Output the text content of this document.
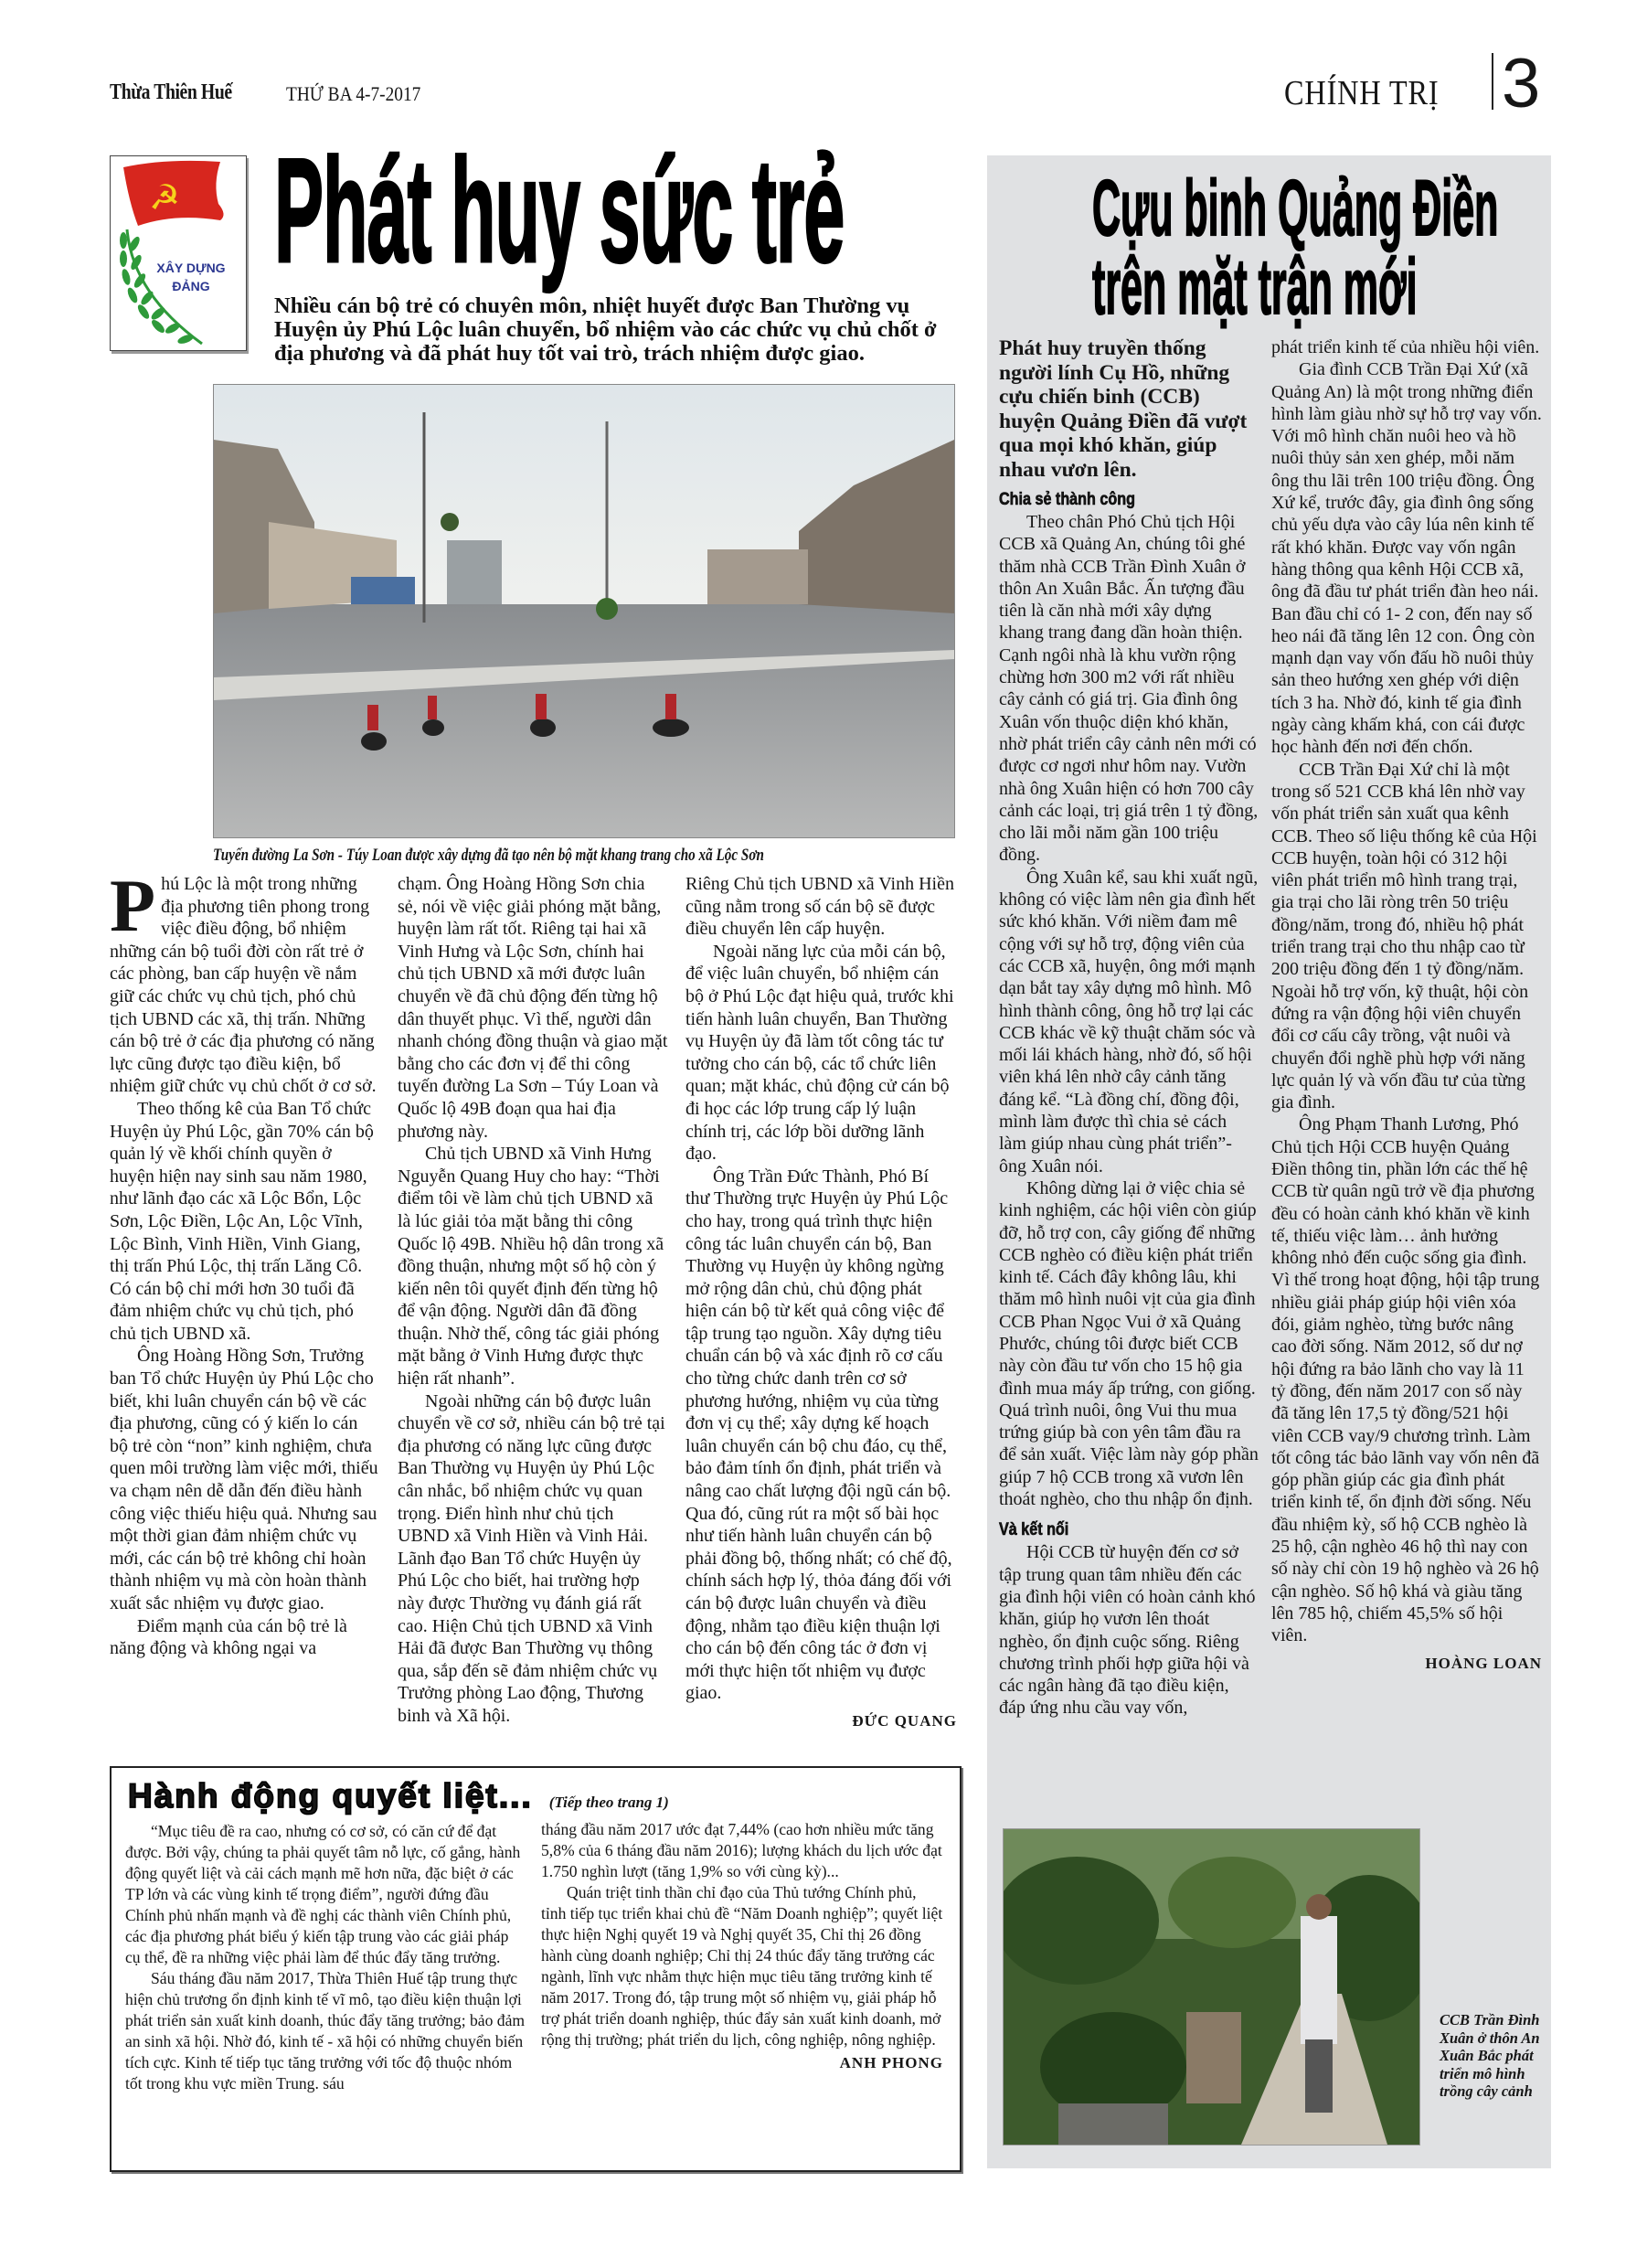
Thừa Thiên Huế	THỨ BA 4-7-2017	CHÍNH TRỊ 3
☭
XÂY DỰNG
ĐẢNG Phát huy sức trẻ
Nhiều cán bộ trẻ có chuyên môn, nhiệt huyết được Ban Thường vụ Huyện ủy Phú Lộc luân chuyển, bổ nhiệm vào các chức vụ chủ chốt ở địa phương và đã phát huy tốt vai trò, trách nhiệm được giao.
Tuyến đường La Sơn - Túy Loan được xây dựng đã tạo nên bộ mặt khang trang cho xã Lộc Sơn

Phú Lộc là một trong những địa phương tiên phong trong việc điều động, bổ nhiệm những cán bộ tuổi đời còn rất trẻ ở các phòng, ban cấp huyện về nắm giữ các chức vụ chủ tịch, phó chủ tịch UBND các xã, thị trấn. Những cán bộ trẻ ở các địa phương có năng lực cũng được tạo điều kiện, bổ nhiệm giữ chức vụ chủ chốt ở cơ sở.

Theo thống kê của Ban Tổ chức Huyện ủy Phú Lộc, gần 70% cán bộ quản lý về khối chính quyền ở huyện hiện nay sinh sau năm 1980, như lãnh đạo các xã Lộc Bổn, Lộc Sơn, Lộc Điền, Lộc An, Lộc Vĩnh, Lộc Bình, Vinh Hiền, Vinh Giang, thị trấn Phú Lộc, thị trấn Lăng Cô. Có cán bộ chỉ mới hơn 30 tuổi đã đảm nhiệm chức vụ chủ tịch, phó chủ tịch UBND xã.

Ông Hoàng Hồng Sơn, Trưởng ban Tổ chức Huyện ủy Phú Lộc cho biết, khi luân chuyển cán bộ về các địa phương, cũng có ý kiến lo cán bộ trẻ còn “non” kinh nghiệm, chưa quen môi trường làm việc mới, thiếu va chạm nên dễ dẫn đến điều hành công việc thiếu hiệu quả. Nhưng sau một thời gian đảm nhiệm chức vụ mới, các cán bộ trẻ không chỉ hoàn thành nhiệm vụ mà còn hoàn thành xuất sắc nhiệm vụ được giao.

Điểm mạnh của cán bộ trẻ là năng động và không ngại va

chạm. Ông Hoàng Hồng Sơn chia sẻ, nói về việc giải phóng mặt bằng, huyện làm rất tốt. Riêng tại hai xã Vinh Hưng và Lộc Sơn, chính hai chủ tịch UBND xã mới được luân chuyển về đã chủ động đến từng hộ dân thuyết phục. Vì thế, người dân nhanh chóng đồng thuận và giao mặt bằng cho các đơn vị để thi công tuyến đường La Sơn – Túy Loan và Quốc lộ 49B đoạn qua hai địa phương này.

Chủ tịch UBND xã Vinh Hưng Nguyễn Quang Huy cho hay: “Thời điểm tôi về làm chủ tịch UBND xã là lúc giải tỏa mặt bằng thi công Quốc lộ 49B. Nhiều hộ dân trong xã đồng thuận, nhưng một số hộ còn ý kiến nên tôi quyết định đến từng hộ để vận động. Người dân đã đồng thuận. Nhờ thế, công tác giải phóng mặt bằng ở Vinh Hưng được thực hiện rất nhanh”.

Ngoài những cán bộ được luân chuyển về cơ sở, nhiều cán bộ trẻ tại địa phương có năng lực cũng được Ban Thường vụ Huyện ủy Phú Lộc cân nhắc, bổ nhiệm chức vụ quan trọng. Điển hình như chủ tịch UBND xã Vinh Hiền và Vinh Hải. Lãnh đạo Ban Tổ chức Huyện ủy Phú Lộc cho biết, hai trường hợp này được Thường vụ đánh giá rất cao. Hiện Chủ tịch UBND xã Vinh Hải đã được Ban Thường vụ thông qua, sắp đến sẽ đảm nhiệm chức vụ Trưởng phòng Lao động, Thương binh và Xã hội.

Riêng Chủ tịch UBND xã Vinh Hiền cũng nằm trong số cán bộ sẽ được điều chuyển lên cấp huyện.

Ngoài năng lực của mỗi cán bộ, để việc luân chuyển, bổ nhiệm cán bộ ở Phú Lộc đạt hiệu quả, trước khi tiến hành luân chuyển, Ban Thường vụ Huyện ủy đã làm tốt công tác tư tưởng cho cán bộ, các tổ chức liên quan; mặt khác, chủ động cử cán bộ đi học các lớp trung cấp lý luận chính trị, các lớp bồi dưỡng lãnh đạo.

Ông Trần Đức Thành, Phó Bí thư Thường trực Huyện ủy Phú Lộc cho hay, trong quá trình thực hiện công tác luân chuyển cán bộ, Ban Thường vụ Huyện ủy không ngừng mở rộng dân chủ, chủ động phát hiện cán bộ từ kết quả công việc để tập trung tạo nguồn. Xây dựng tiêu chuẩn cán bộ và xác định rõ cơ cấu cho từng chức danh trên cơ sở phương hướng, nhiệm vụ của từng đơn vị cụ thể; xây dựng kế hoạch luân chuyển cán bộ chu đáo, cụ thể, bảo đảm tính ổn định, phát triển và nâng cao chất lượng đội ngũ cán bộ. Qua đó, cũng rút ra một số bài học như tiến hành luân chuyển cán bộ phải đồng bộ, thống nhất; có chế độ, chính sách hợp lý, thỏa đáng đối với cán bộ được luân chuyển và điều động, nhằm tạo điều kiện thuận lợi cho cán bộ đến công tác ở đơn vị mới thực hiện tốt nhiệm vụ được giao.

ĐỨC QUANG
Cựu binh Quảng Điền
trên mặt trận mới

Phát huy truyền thống người lính Cụ Hồ, những cựu chiến binh (CCB) huyện Quảng Điền đã vượt qua mọi khó khăn, giúp nhau vươn lên.

Chia sẻ thành công

Theo chân Phó Chủ tịch Hội CCB xã Quảng An, chúng tôi ghé thăm nhà CCB Trần Đình Xuân ở thôn An Xuân Bắc. Ấn tượng đầu tiên là căn nhà mới xây dựng khang trang đang dần hoàn thiện. Cạnh ngôi nhà là khu vườn rộng chừng hơn 300 m2 với rất nhiều cây cảnh có giá trị. Gia đình ông Xuân vốn thuộc diện khó khăn, nhờ phát triển cây cảnh nên mới có được cơ ngơi như hôm nay. Vườn nhà ông Xuân hiện có hơn 700 cây cảnh các loại, trị giá trên 1 tỷ đồng, cho lãi mỗi năm gần 100 triệu đồng.

Ông Xuân kể, sau khi xuất ngũ, không có việc làm nên gia đình hết sức khó khăn. Với niềm đam mê cộng với sự hỗ trợ, động viên của các CCB xã, huyện, ông mới mạnh dạn bắt tay xây dựng mô hình. Mô hình thành công, ông hỗ trợ lại các CCB khác về kỹ thuật chăm sóc và mối lái khách hàng, nhờ đó, số hội viên khá lên nhờ cây cảnh tăng đáng kể. “Là đồng chí, đồng đội, mình làm được thì chia sẻ cách làm giúp nhau cùng phát triển”- ông Xuân nói.

Không dừng lại ở việc chia sẻ kinh nghiệm, các hội viên còn giúp đỡ, hỗ trợ con, cây giống để những CCB nghèo có điều kiện phát triển kinh tế. Cách đây không lâu, khi thăm mô hình nuôi vịt của gia đình CCB Phan Ngọc Vui ở xã Quảng Phước, chúng tôi được biết CCB này còn đầu tư vốn cho 15 hộ gia đình mua máy ấp trứng, con giống. Quá trình nuôi, ông Vui thu mua trứng giúp bà con yên tâm đầu ra để sản xuất. Việc làm này góp phần giúp 7 hộ CCB trong xã vươn lên thoát nghèo, cho thu nhập ổn định.

Và kết nối

Hội CCB từ huyện đến cơ sở tập trung quan tâm nhiều đến các gia đình hội viên có hoàn cảnh khó khăn, giúp họ vươn lên thoát nghèo, ổn định cuộc sống. Riêng chương trình phối hợp giữa hội và các ngân hàng đã tạo điều kiện, đáp ứng nhu cầu vay vốn,

phát triển kinh tế của nhiều hội viên.

Gia đình CCB Trần Đại Xứ (xã Quảng An) là một trong những điển hình làm giàu nhờ sự hỗ trợ vay vốn. Với mô hình chăn nuôi heo và hồ nuôi thủy sản xen ghép, mỗi năm ông thu lãi trên 100 triệu đồng. Ông Xứ kể, trước đây, gia đình ông sống chủ yếu dựa vào cây lúa nên kinh tế rất khó khăn. Được vay vốn ngân hàng thông qua kênh Hội CCB xã, ông đã đầu tư phát triển đàn heo nái. Ban đầu chỉ có 1- 2 con, đến nay số heo nái đã tăng lên 12 con. Ông còn mạnh dạn vay vốn đấu hồ nuôi thủy sản theo hướng xen ghép với diện tích 3 ha. Nhờ đó, kinh tế gia đình ngày càng khấm khá, con cái được học hành đến nơi đến chốn.

CCB Trần Đại Xứ chỉ là một trong số 521 CCB khá lên nhờ vay vốn phát triển sản xuất qua kênh CCB. Theo số liệu thống kê của Hội CCB huyện, toàn hội có 312 hội viên phát triển mô hình trang trại, gia trại cho lãi ròng trên 50 triệu đồng/năm, trong đó, nhiều hộ phát triển trang trại cho thu nhập cao từ 200 triệu đồng đến 1 tỷ đồng/năm. Ngoài hỗ trợ vốn, kỹ thuật, hội còn đứng ra vận động hội viên chuyển đổi cơ cấu cây trồng, vật nuôi và chuyển đổi nghề phù hợp với năng lực quản lý và vốn đầu tư của từng gia đình.

Ông Phạm Thanh Lương, Phó Chủ tịch Hội CCB huyện Quảng Điền thông tin, phần lớn các thế hệ CCB từ quân ngũ trở về địa phương đều có hoàn cảnh khó khăn về kinh tế, thiếu việc làm… ảnh hưởng không nhỏ đến cuộc sống gia đình. Vì thế trong hoạt động, hội tập trung nhiều giải pháp giúp hội viên xóa đói, giảm nghèo, từng bước nâng cao đời sống. Năm 2012, số dư nợ hội đứng ra bảo lãnh cho vay là 11 tỷ đồng, đến năm 2017 con số này đã tăng lên 17,5 tỷ đồng/521 hội viên CCB vay/9 chương trình. Làm tốt công tác bảo lãnh vay vốn nên đã góp phần giúp các gia đình phát triển kinh tế, ổn định đời sống. Nếu đầu nhiệm kỳ, số hộ CCB nghèo là 25 hộ, cận nghèo 46 hộ thì nay con số này chỉ còn 19 hộ nghèo và 26 hộ cận nghèo. Số hộ khá và giàu tăng lên 785 hộ, chiếm 45,5% số hội viên.

HOÀNG LOAN
CCB Trần Đình Xuân ở thôn An Xuân Bắc phát triển mô hình trồng cây cảnh
Hành động quyết liệt... (Tiếp theo trang 1)

“Mục tiêu đề ra cao, nhưng có cơ sở, có căn cứ để đạt được. Bởi vậy, chúng ta phải quyết tâm nỗ lực, cố gắng, hành động quyết liệt và cải cách mạnh mẽ hơn nữa, đặc biệt ở các TP lớn và các vùng kinh tế trọng điểm”, người đứng đầu Chính phủ nhấn mạnh và đề nghị các thành viên Chính phủ, các địa phương phát biểu ý kiến tập trung vào các giải pháp cụ thể, đề ra những việc phải làm để thúc đẩy tăng trưởng.

Sáu tháng đầu năm 2017, Thừa Thiên Huế tập trung thực hiện chủ trương ổn định kinh tế vĩ mô, tạo điều kiện thuận lợi phát triển sản xuất kinh doanh, thúc đẩy tăng trưởng; bảo đảm an sinh xã hội. Nhờ đó, kinh tế - xã hội có những chuyển biến tích cực. Kinh tế tiếp tục tăng trưởng với tốc độ thuộc nhóm tốt trong khu vực miền Trung. sáu

tháng đầu năm 2017 ước đạt 7,44% (cao hơn nhiều mức tăng 5,8% của 6 tháng đầu năm 2016); lượng khách du lịch ước đạt 1.750 nghìn lượt (tăng 1,9% so với cùng kỳ)...

Quán triệt tinh thần chỉ đạo của Thủ tướng Chính phủ, tỉnh tiếp tục triển khai chủ đề “Năm Doanh nghiệp”; quyết liệt thực hiện Nghị quyết 19 và Nghị quyết 35, Chỉ thị 26 đồng hành cùng doanh nghiệp; Chỉ thị 24 thúc đẩy tăng trưởng các ngành, lĩnh vực nhằm thực hiện mục tiêu tăng trưởng kinh tế năm 2017. Trong đó, tập trung một số nhiệm vụ, giải pháp hỗ trợ phát triển doanh nghiệp, thúc đẩy sản xuất kinh doanh, mở rộng thị trường; phát triển du lịch, công nghiệp, nông nghiệp.

ANH PHONG
